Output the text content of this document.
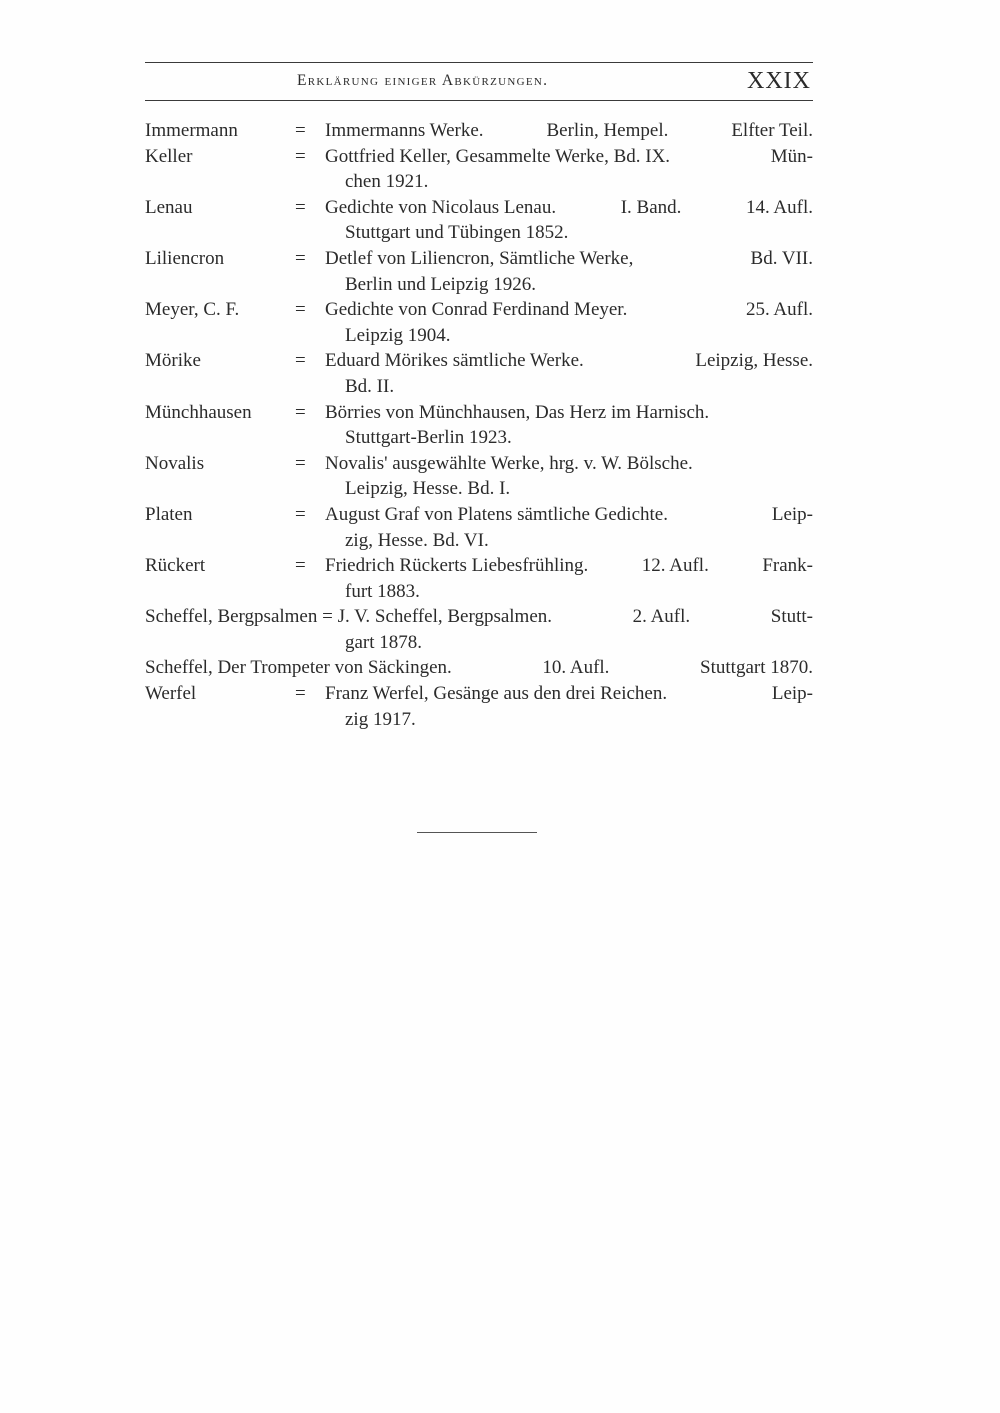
Erklärung einiger Abkürzungen.	XXIX
Immermann	=	Immermanns Werke.	Berlin, Hempel.	Elfter Teil.
Keller	=	Gottfried Keller, Gesammelte Werke, Bd. IX.	Mün-
chen 1921.
Lenau	=	Gedichte von Nicolaus Lenau.	I. Band.	14. Aufl.
Stuttgart und Tübingen 1852.
Liliencron	=	Detlef von Liliencron, Sämtliche Werke,	Bd. VII.
Berlin und Leipzig 1926.
Meyer, C. F.	=	Gedichte von Conrad Ferdinand Meyer.	25. Aufl.
Leipzig 1904.
Mörike	=	Eduard Mörikes sämtliche Werke.	Leipzig, Hesse.
Bd. II.
Münchhausen	=	Börries von Münchhausen, Das Herz im Harnisch.
Stuttgart-Berlin 1923.
Novalis	=	Novalis' ausgewählte Werke, hrg. v. W. Bölsche.
Leipzig, Hesse. Bd. I.
Platen	=	August Graf von Platens sämtliche Gedichte.	Leip-
zig, Hesse. Bd. VI.
Rückert	=	Friedrich Rückerts Liebesfrühling.	12. Aufl.	Frank-
furt 1883.
Scheffel, Bergpsalmen = J. V. Scheffel, Bergpsalmen.	2. Aufl.	Stutt-
gart 1878.
Scheffel, Der Trompeter von Säckingen.	10. Aufl.	Stuttgart 1870.
Werfel	=	Franz Werfel, Gesänge aus den drei Reichen.	Leip-
zig 1917.
